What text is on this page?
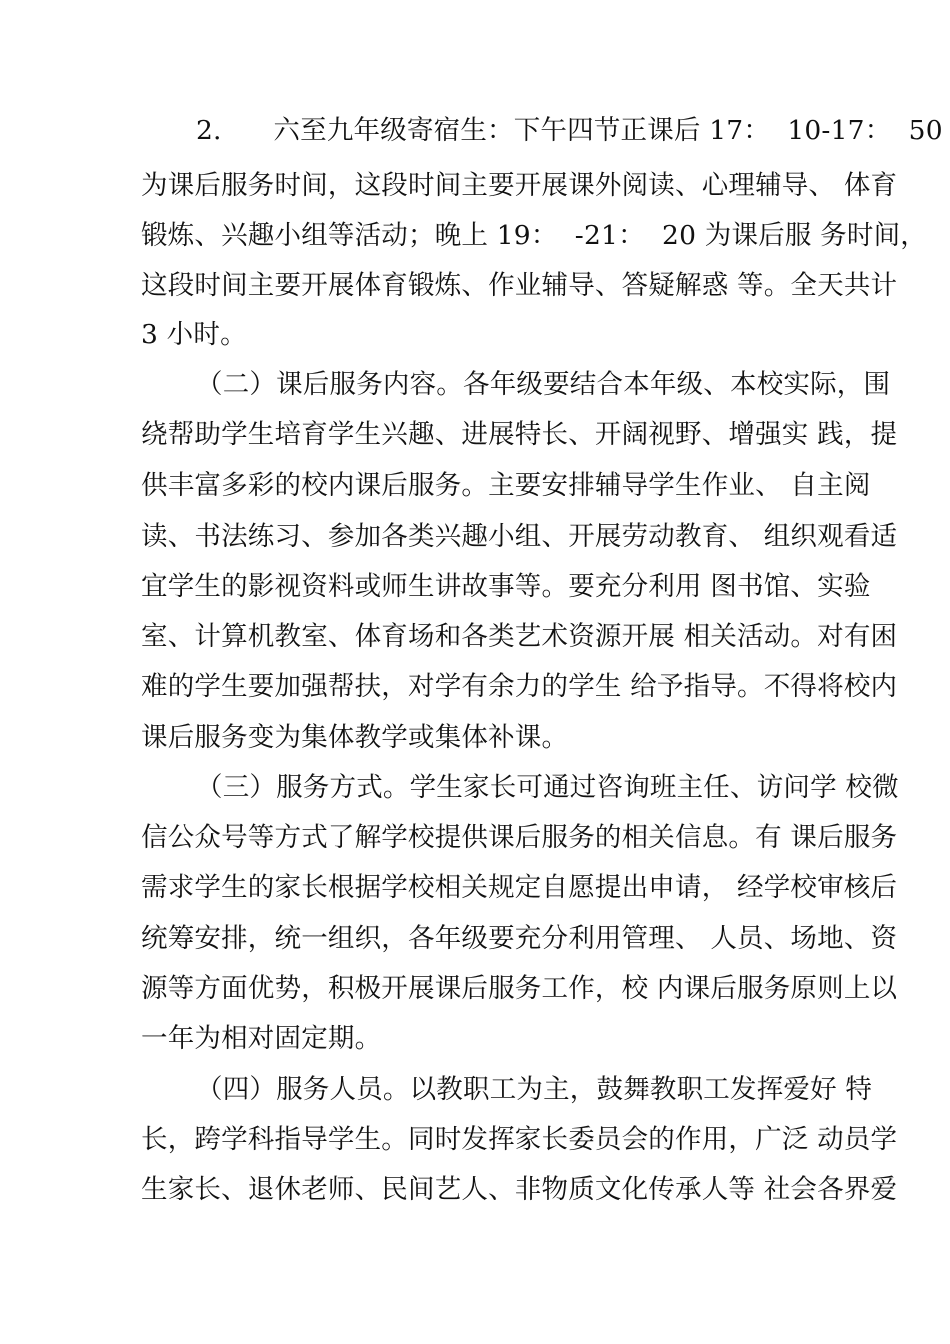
2.      六至九年级寄宿生：下午四节正课后 17：  10-17：  50
为课后服务时间，这段时间主要开展课外阅读、心理辅导、 体育
锻炼、兴趣小组等活动；晚上 19：  -21：  20 为课后服 务时间，
这段时间主要开展体育锻炼、作业辅导、答疑解惑 等。全天共计
3 小时。
（二）课后服务内容。各年级要结合本年级、本校实际，围
绕帮助学生培育学生兴趣、进展特长、开阔视野、增强实 践，提
供丰富多彩的校内课后服务。主要安排辅导学生作业、 自主阅
读、书法练习、参加各类兴趣小组、开展劳动教育、 组织观看适
宜学生的影视资料或师生讲故事等。要充分利用 图书馆、实验
室、计算机教室、体育场和各类艺术资源开展 相关活动。对有困
难的学生要加强帮扶，对学有余力的学生 给予指导。不得将校内
课后服务变为集体教学或集体补课。
（三）服务方式。学生家长可通过咨询班主任、访问学 校微
信公众号等方式了解学校提供课后服务的相关信息。有 课后服务
需求学生的家长根据学校相关规定自愿提出申请， 经学校审核后
统筹安排，统一组织，各年级要充分利用管理、 人员、场地、资
源等方面优势，积极开展课后服务工作，校 内课后服务原则上以
一年为相对固定期。
（四）服务人员。以教职工为主，鼓舞教职工发挥爱好 特
长，跨学科指导学生。同时发挥家长委员会的作用，广泛 动员学
生家长、退休老师、民间艺人、非物质文化传承人等 社会各界爱
